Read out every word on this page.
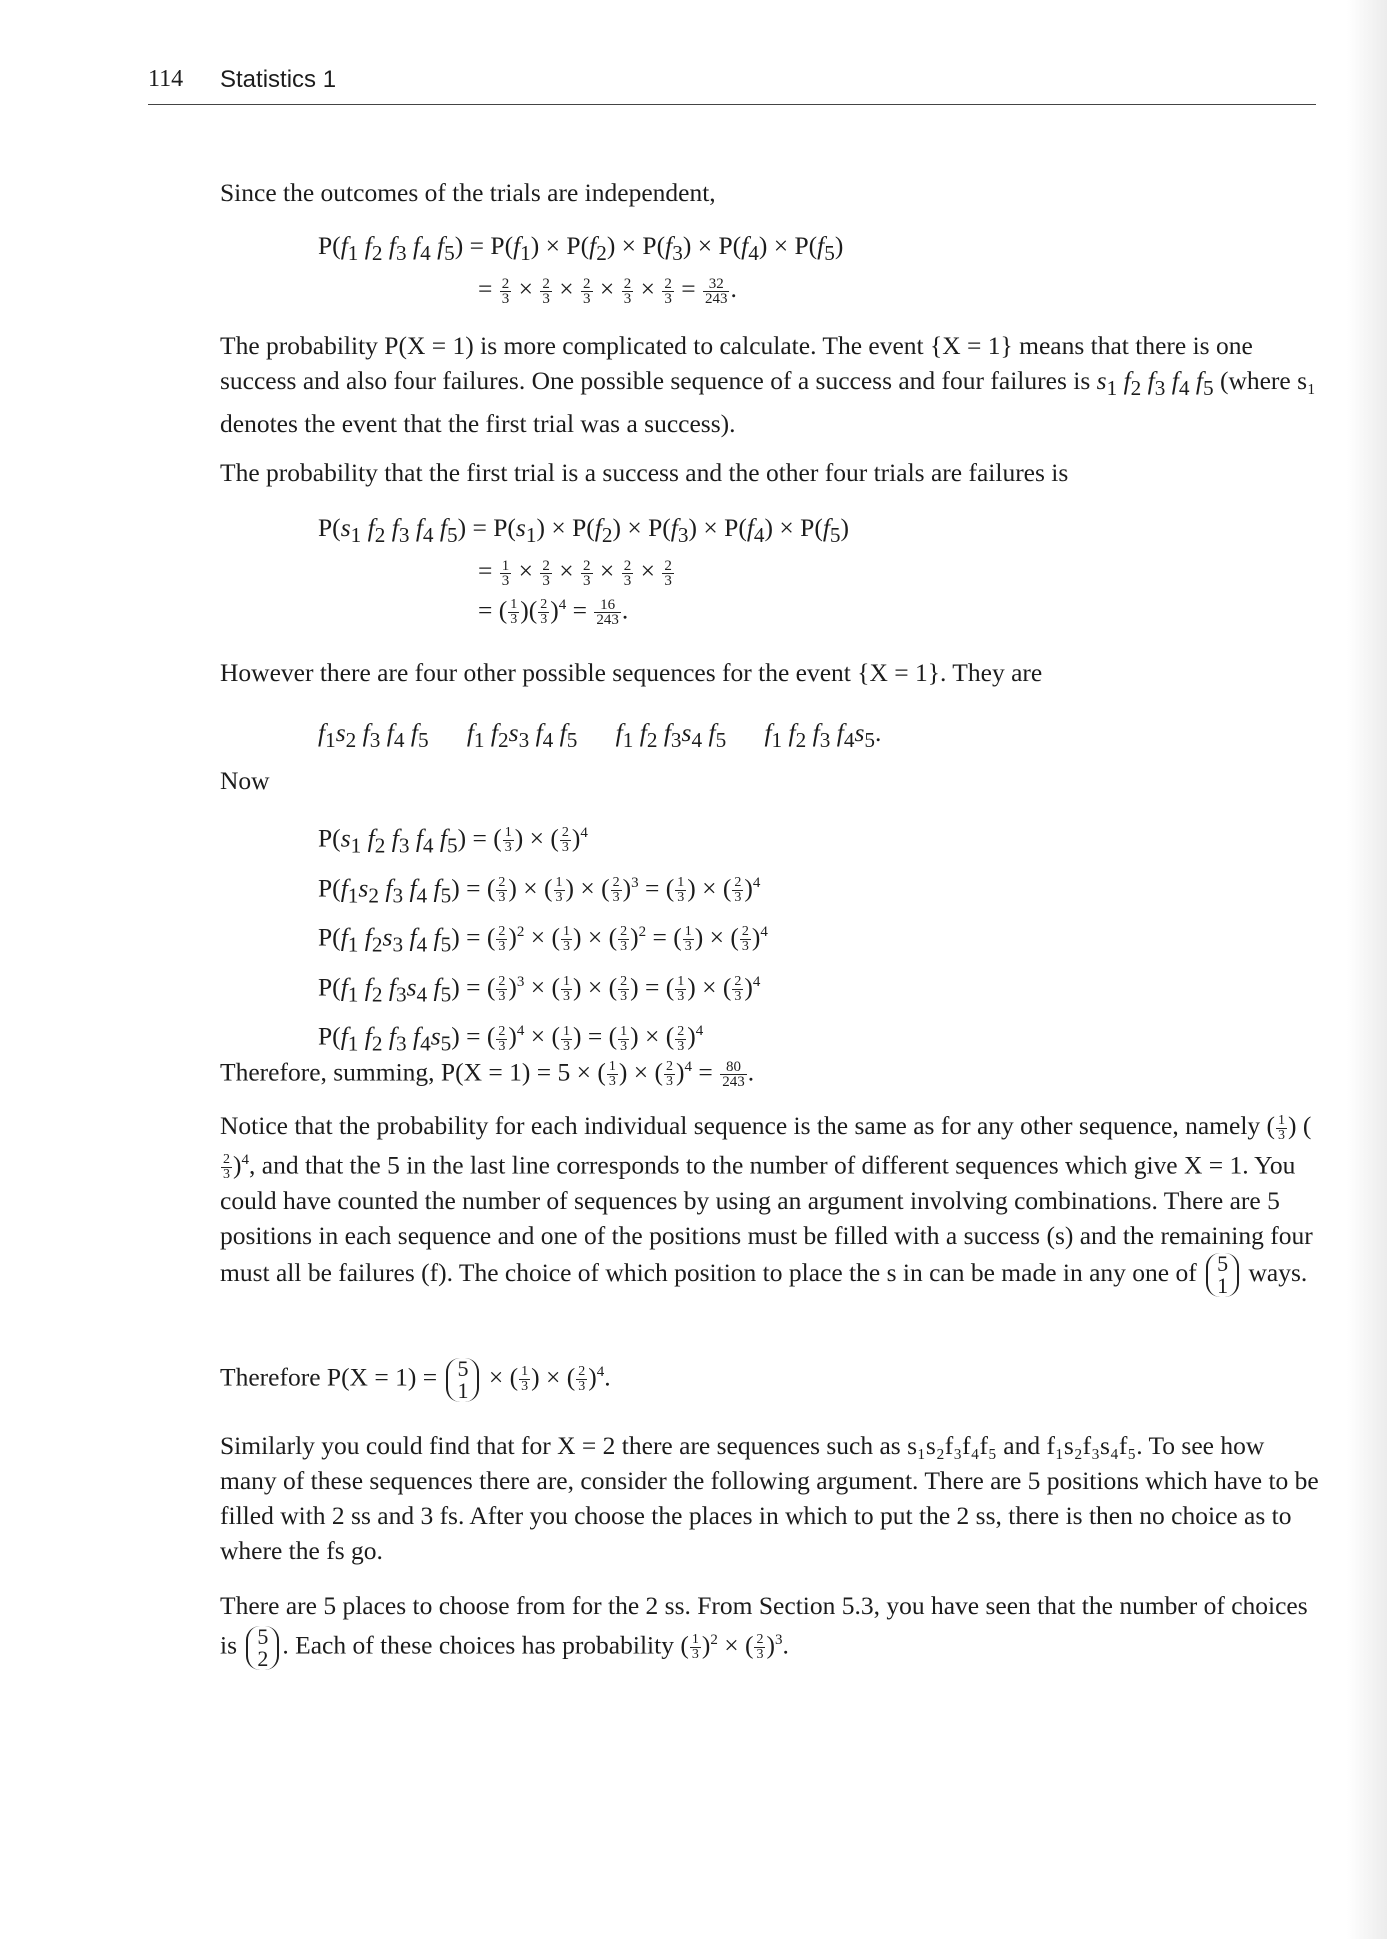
114 Statistics 1
Since the outcomes of the trials are independent,
$P(f_1$ $f_2$ $f_3$ $f_4$ $f_5) = P(f_1) \times P(f_2) \times P(f_3) \times P(f_4) \times P(f_5)$
= $\frac{2}{3} \times \frac{2}{3} \times \frac{2}{3} \times \frac{2}{3} \times \frac{2}{3} = \frac{32}{243}$ .
The probability P(X = 1) is more complicated to calculate. The event {X = 1} means that there is one success and also four failures. One possible sequence of a success and four failures is $s_1$ $f_2$ $f_3$ $f_4$ $f_5$ (where s₁ denotes the event that the first trial was a success).
The probability that the first trial is a success and the other four trials are failures is
$P(s_1$ $f_2$ $f_3$ $f_4$ $f_5) = P(s_1) \times P(f_2) \times P(f_3) \times P(f_4) \times P(f_5)$
= $\frac{1}{3} \times \frac{2}{3} \times \frac{2}{3} \times \frac{2}{3} \times \frac{2}{3}$
= ( $\frac{1}{3}$ )( $\frac{2}{3} )^4 = \frac{16}{243}$ .
However there are four other possible sequences for the event {X = 1}. They are
$f_1s_2$ $f_3$ $f_4$ $f_5$ $f_1$ $f_2s_3$ $f_4$ $f_5$ $f_1$ $f_2$ $f_3s_4$ $f_5$ $f_1$ $f_2$ $f_3$ $f_4s_5$.
Now
$P(s_1$ $f_2$ $f_3$ $f_4$ $f_5$) = ( $\frac{1}{3}$ ) × ( $\frac{2}{3} )^4$
$P(f_1s_2$ $f_3$ $f_4$ $f_5$) = ( $\frac{2}{3}$ ) × ( $\frac{1}{3}$ ) × ( $\frac{2}{3} )^3$ = ( $\frac{1}{3}$ ) × ( $\frac{2}{3} )^4$
$P(f_1$ $f_2s_3$ $f_4$ $f_5$) = ( $\frac{2}{3} )^2$ × ( $\frac{1}{3}$ ) × ( $\frac{2}{3} )^2$ = ( $\frac{1}{3}$ ) × ( $\frac{2}{3} )^4$
$P(f_1$ $f_2$ $f_3s_4$ $f_5$) = ( $\frac{2}{3} )^3$ × ( $\frac{1}{3}$ ) × ( $\frac{2}{3}$ ) = ( $\frac{1}{3}$ ) × ( $\frac{2}{3} )^4$
$P(f_1$ $f_2$ $f_3$ $f_4s_5$) = ( $\frac{2}{3} )^4$ × ( $\frac{1}{3}$ ) = ( $\frac{1}{3}$ ) × ( $\frac{2}{3} )^4$
Therefore, summing, P(X = 1) = 5 × ( $\frac{1}{3}$ ) × ( $\frac{2}{3} )^4 = \frac{80}{243}$ .
Notice that the probability for each individual sequence is the same as for any other sequence, namely ( $\frac{1}{3}$ ) (
$\frac{2}{3} )^4$, and that the 5 in the last line corresponds to the number of different sequences which give X = 1. You could have counted the number of sequences by using an argument involving combinations. There are 5 positions in each sequence and one of the positions must be filled with a success (s) and the remaining four must all be failures (f). The choice of which position to place the s in can be made in any one of 5
1 ways.
Therefore P(X = 1) = 5
1 × ( $\frac{1}{3}$ ) × ( $\frac{2}{3} )^4$.
Similarly you could find that for X = 2 there are sequences such as s₁s₂f₃f₄f₅ and f₁s₂f₃s₄f₅. To see how many of these sequences there are, consider the following argument. There are 5 positions which have to be filled with 2 ss and 3 fs. After you choose the places in which to put the 2 ss, there is then no choice as to where the fs go.
There are 5 places to choose from for the 2 ss. From Section 5.3, you have seen that the number of choices is 5
2 . Each of these choices has probability ( $\frac{1}{3} )^2$ × ( $\frac{2}{3} )^3$.
